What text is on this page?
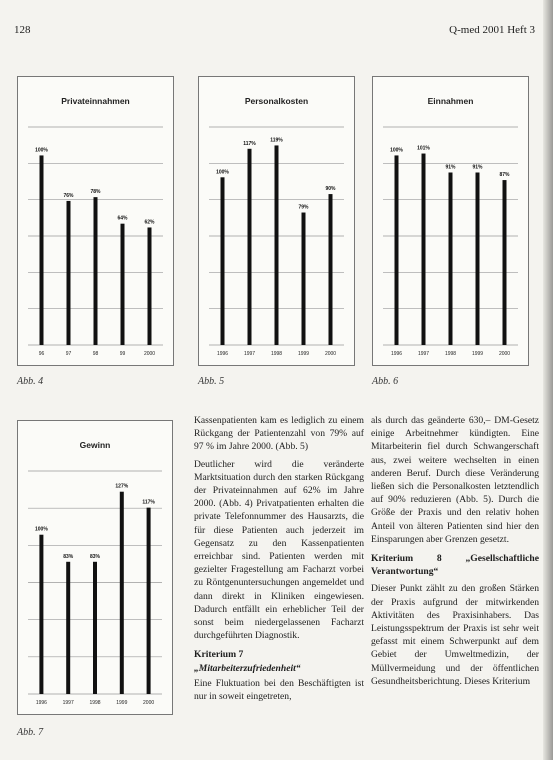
128	Q-med 2001 Heft 3
Privateinnahmen
100%
96
76%
97
78%
98
64%
99
62%
2000
Personalkosten
100%
1996
117%
1997
119%
1998
79%
1999
90%
2000
Einnahmen
100%
1996
101%
1997
91%
1998
91%
1999
87%
2000
Gewinn
100%
1996
83%
1997
83%
1998
127%
1999
117%
2000
Abb. 4	Abb. 5	Abb. 6
Abb. 7

Kassenpatienten kam es lediglich zu einem Rückgang der Patientenzahl von 79% auf 97 % im Jahre 2000. (Abb. 5)

Deutlicher wird die veränderte Marktsituation durch den starken Rückgang der Privateinnahmen auf 62% im Jahre 2000. (Abb. 4) Privatpatienten erhalten die private Telefonnummer des Hausarzts, die für diese Patienten auch jederzeit im Gegensatz zu den Kassenpatienten erreichbar sind. Patienten werden mit gezielter Fragestellung am Facharzt vorbei zu Röntgenuntersuchungen angemeldet und dann direkt in Kliniken eingewiesen. Dadurch entfällt ein erheblicher Teil der sonst beim niedergelassenen Facharzt durchgeführten Diagnostik.

Kriterium 7

„Mitarbeiterzufriedenheit“

Eine Fluktuation bei den Beschäftigten ist nur in soweit eingetreten,

als durch das geänderte 630,– DM-Gesetz einige Arbeitnehmer kündigten. Eine Mitarbeiterin fiel durch Schwangerschaft aus, zwei weitere wechselten in einen anderen Beruf. Durch diese Veränderung ließen sich die Personalkosten letztendlich auf 90% reduzieren (Abb. 5). Durch die Größe der Praxis und den relativ hohen Anteil von älteren Patienten sind hier den Einsparungen aber Grenzen gesetzt.

Kriterium 8 „Gesellschaftliche Verantwortung“

Dieser Punkt zählt zu den großen Stärken der Praxis aufgrund der mitwirkenden Aktivitäten des Praxisinhabers. Das Leistungsspektrum der Praxis ist sehr weit gefasst mit einem Schwerpunkt auf dem Gebiet der Umweltmedizin, der Müllvermeidung und der öffentlichen Gesundheitsberichtung. Dieses Kriterium
